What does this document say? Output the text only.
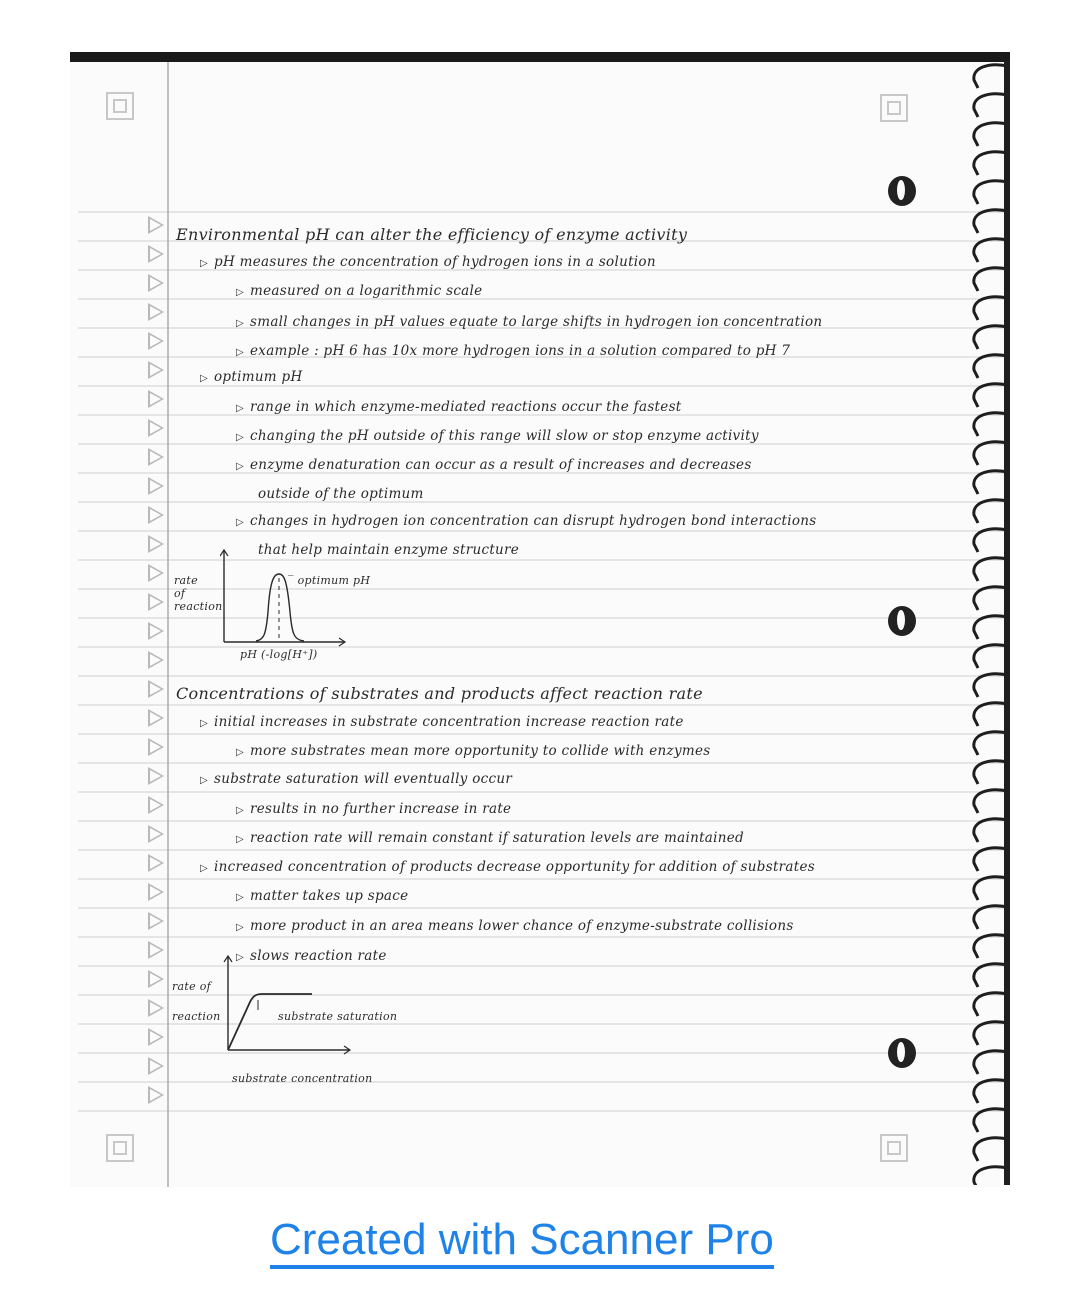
Environmental pH can alter the efficiency of enzyme activity
▷ pH measures the concentration of hydrogen ions in a solution
▷ measured on a logarithmic scale
▷ small changes in pH values equate to large shifts in hydrogen ion concentration
▷ example : pH 6 has 10x more hydrogen ions in a solution compared to pH 7
▷ optimum pH
▷ range in which enzyme-mediated reactions occur the fastest
▷ changing the pH outside of this range will slow or stop enzyme activity
▷ enzyme denaturation can occur as a result of increases and decreases
outside of the optimum
▷ changes in hydrogen ion concentration can disrupt hydrogen bond interactions
that help maintain enzyme structure
rate
of
reaction
‾ optimum pH
pH (-log[H⁺])
Concentrations of substrates and products affect reaction rate
▷ initial increases in substrate concentration increase reaction rate
▷ more substrates mean more opportunity to collide with enzymes
▷ substrate saturation will eventually occur
▷ results in no further increase in rate
▷ reaction rate will remain constant if saturation levels are maintained
▷ increased concentration of products decrease opportunity for addition of substrates
▷ matter takes up space
▷ more product in an area means lower chance of enzyme-substrate collisions
▷ slows reaction rate
rate of
reaction	substrate saturation
substrate concentration
Created with Scanner Pro
